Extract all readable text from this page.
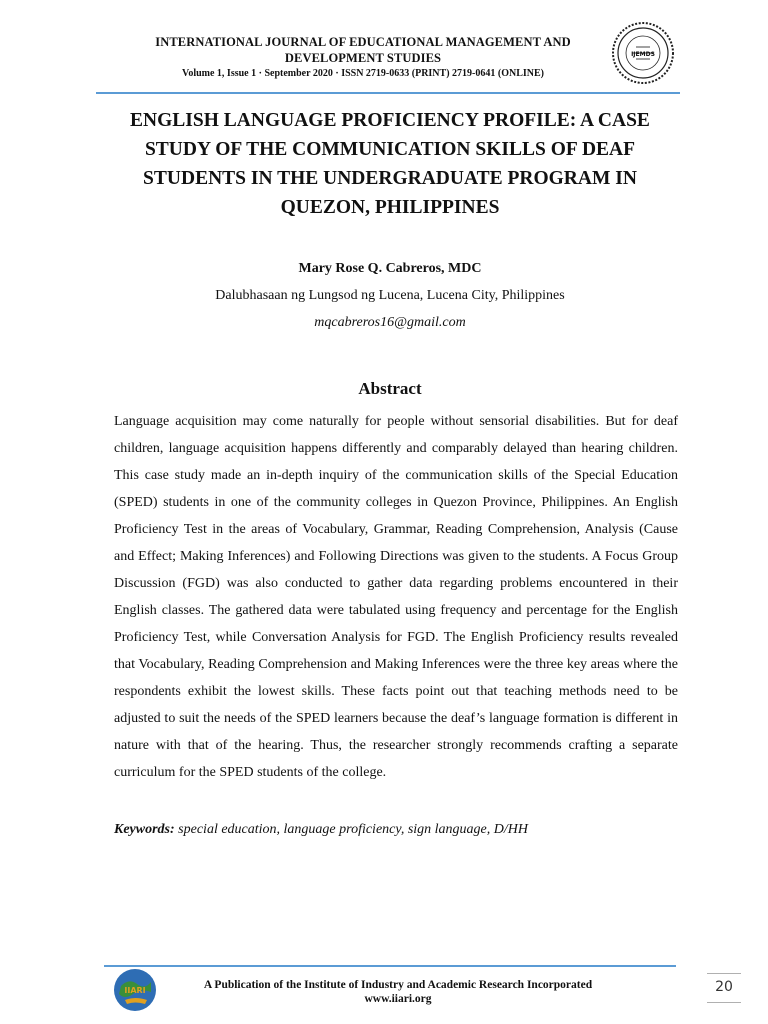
INTERNATIONAL JOURNAL OF EDUCATIONAL MANAGEMENT AND DEVELOPMENT STUDIES
Volume 1, Issue 1 · September 2020 · ISSN 2719-0633 (PRINT) 2719-0641 (ONLINE)
IJEMDS
ENGLISH LANGUAGE PROFICIENCY PROFILE: A CASE STUDY OF THE COMMUNICATION SKILLS OF DEAF STUDENTS IN THE UNDERGRADUATE PROGRAM IN QUEZON, PHILIPPINES
Mary Rose Q. Cabreros, MDC
Dalubhasaan ng Lungsod ng Lucena, Lucena City, Philippines
mqcabreros16@gmail.com
Abstract

Language acquisition may come naturally for people without sensorial disabilities. But for deaf children, language acquisition happens differently and comparably delayed than hearing children. This case study made an in-depth inquiry of the communication skills of the Special Education (SPED) students in one of the community colleges in Quezon Province, Philippines. An English Proficiency Test in the areas of Vocabulary, Grammar, Reading Comprehension, Analysis (Cause and Effect; Making Inferences) and Following Directions was given to the students. A Focus Group Discussion (FGD) was also conducted to gather data regarding problems encountered in their English classes. The gathered data were tabulated using frequency and percentage for the English Proficiency Test, while Conversation Analysis for FGD. The English Proficiency results revealed that Vocabulary, Reading Comprehension and Making Inferences were the three key areas where the respondents exhibit the lowest skills. These facts point out that teaching methods need to be adjusted to suit the needs of the SPED learners because the deaf’s language formation is different in nature with that of the hearing. Thus, the researcher strongly recommends crafting a separate curriculum for the SPED students of the college.

Keywords: special education, language proficiency, sign language, D/HH

IIARI	A Publication of the Institute of Industry and Academic Research Incorporated
www.iiari.org
20
